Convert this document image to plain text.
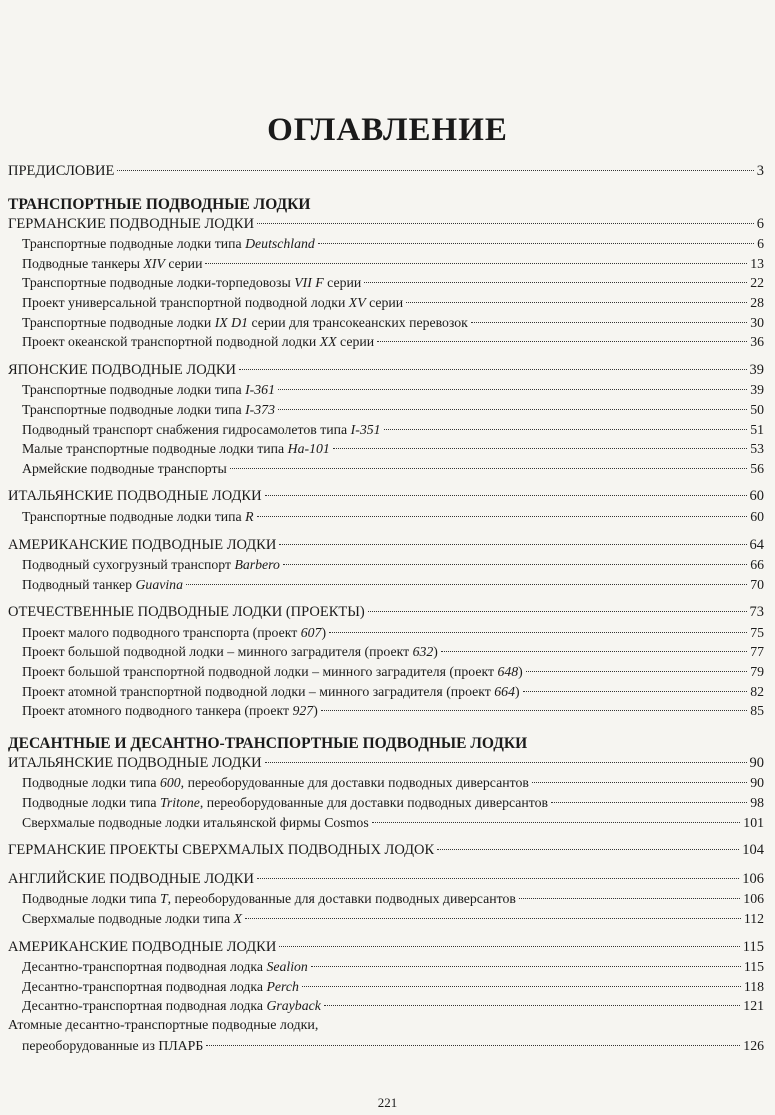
ОГЛАВЛЕНИЕ
ПРЕДИСЛОВИЕ	3
ТРАНСПОРТНЫЕ ПОДВОДНЫЕ ЛОДКИ
ГЕРМАНСКИЕ ПОДВОДНЫЕ ЛОДКИ	6
Транспортные подводные лодки типа Deutschland	6
Подводные танкеры XIV серии	13
Транспортные подводные лодки-торпедовозы VII F серии	22
Проект универсальной транспортной подводной лодки XV серии	28
Транспортные подводные лодки IX D1 серии для трансокеанских перевозок	30
Проект океанской транспортной подводной лодки XX серии	36
ЯПОНСКИЕ ПОДВОДНЫЕ ЛОДКИ	39
Транспортные подводные лодки типа I-361	39
Транспортные подводные лодки типа I-373	50
Подводный транспорт снабжения гидросамолетов типа I-351	51
Малые транспортные подводные лодки типа Ha-101	53
Армейские подводные транспорты	56
ИТАЛЬЯНСКИЕ ПОДВОДНЫЕ ЛОДКИ	60
Транспортные подводные лодки типа R	60
АМЕРИКАНСКИЕ ПОДВОДНЫЕ ЛОДКИ	64
Подводный сухогрузный транспорт Barbero	66
Подводный танкер Guavina	70
ОТЕЧЕСТВЕННЫЕ ПОДВОДНЫЕ ЛОДКИ (ПРОЕКТЫ)	73
Проект малого подводного транспорта (проект 607)	75
Проект большой подводной лодки – минного заградителя (проект 632)	77
Проект большой транспортной подводной лодки – минного заградителя (проект 648)	79
Проект атомной транспортной подводной лодки – минного заградителя (проект 664)	82
Проект атомного подводного танкера (проект 927)	85
ДЕСАНТНЫЕ И ДЕСАНТНО-ТРАНСПОРТНЫЕ ПОДВОДНЫЕ ЛОДКИ
ИТАЛЬЯНСКИЕ ПОДВОДНЫЕ ЛОДКИ	90
Подводные лодки типа 600, переоборудованные для доставки подводных диверсантов	90
Подводные лодки типа Tritone, переоборудованные для доставки подводных диверсантов	98
Сверхмалые подводные лодки итальянской фирмы Cosmos	101
ГЕРМАНСКИЕ ПРОЕКТЫ СВЕРХМАЛЫХ ПОДВОДНЫХ ЛОДОК	104
АНГЛИЙСКИЕ ПОДВОДНЫЕ ЛОДКИ	106
Подводные лодки типа T, переоборудованные для доставки подводных диверсантов	106
Сверхмалые подводные лодки типа X	112
АМЕРИКАНСКИЕ ПОДВОДНЫЕ ЛОДКИ	115
Десантно-транспортная подводная лодка Sealion	115
Десантно-транспортная подводная лодка Perch	118
Десантно-транспортная подводная лодка Grayback	121
Атомные десантно-транспортные подводные лодки,
переоборудованные из ПЛАРБ	126
221
